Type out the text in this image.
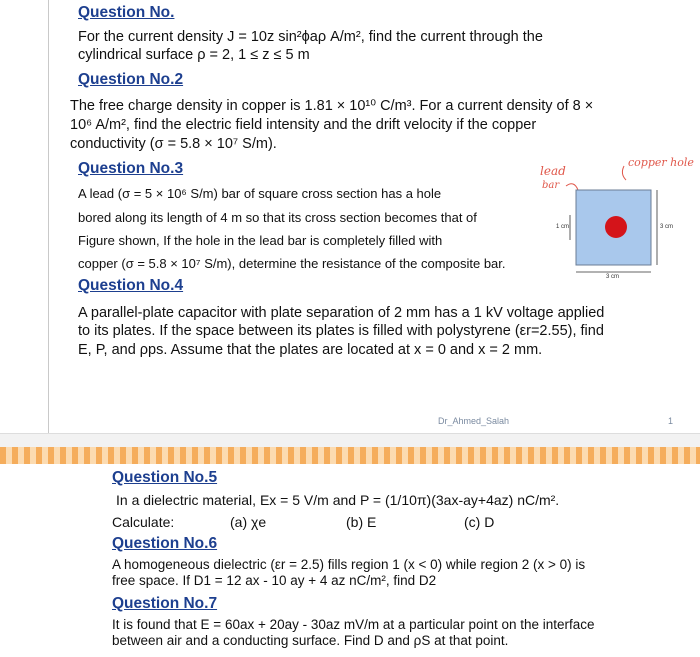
Question No.
For the current density J = 10z sin²ϕaρ A/m², find the current through the
cylindrical surface ρ = 2, 1 ≤ z ≤ 5 m
Question No.2
The free charge density in copper is 1.81 × 10¹⁰ C/m³. For a current density of 8 ×
10⁶ A/m², find the electric field intensity and the drift velocity if the copper
conductivity (σ = 5.8 × 10⁷ S/m).
Question No.3
A lead (σ = 5 × 10⁶ S/m) bar of square cross section has a hole
bored along its length of 4 m so that its cross section becomes that of
Figure shown, If the hole in the lead bar is completely filled with
copper (σ = 5.8 × 10⁷ S/m), determine the resistance of the composite bar.
lead
bar
copper hole
1 cm	3 cm
3 cm
Question No.4
A parallel-plate capacitor with plate separation of 2 mm has a 1 kV voltage applied
to its plates. If the space between its plates is filled with polystyrene (εr=2.55), find
E, P, and ρps. Assume that the plates are located at x = 0 and x = 2 mm.
Dr_Ahmed_Salah	1
Question No.5
In a dielectric material, Ex = 5 V/m and P = (1/10π)(3ax-ay+4az) nC/m².
Calculate:	(a) χe	(b) E	(c) D
Question No.6
A homogeneous dielectric (εr = 2.5) fills region 1 (x < 0) while region 2 (x > 0) is
free space. If D1 = 12 ax - 10 ay + 4 az nC/m², find D2
Question No.7
It is found that E = 60ax + 20ay - 30az mV/m at a particular point on the interface
between air and a conducting surface. Find D and ρS at that point.
